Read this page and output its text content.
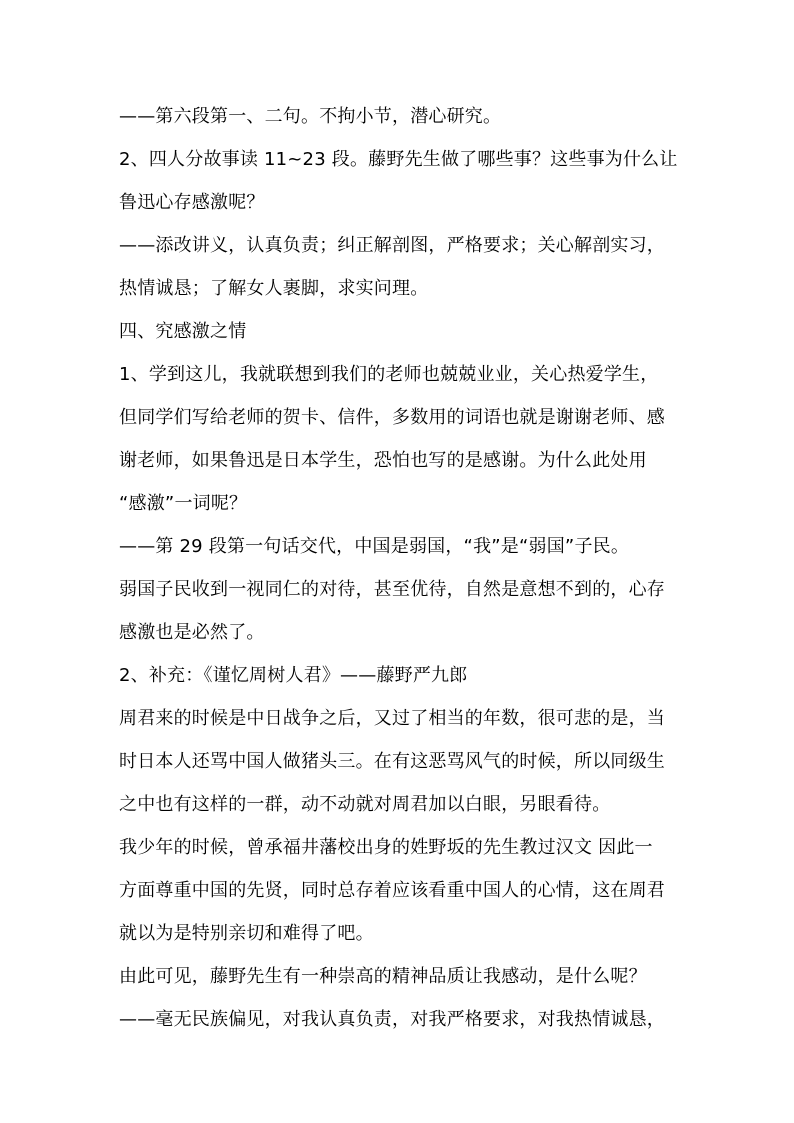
——第六段第一、二句。不拘小节，潜心研究。
2、四人分故事读 11~23 段。藤野先生做了哪些事？这些事为什么让
鲁迅心存感激呢？
——添改讲义，认真负责；纠正解剖图，严格要求；关心解剖实习，
热情诚恳；了解女人裹脚，求实问理。
四、究感激之情
1、学到这儿，我就联想到我们的老师也兢兢业业，关心热爱学生，
但同学们写给老师的贺卡、信件，多数用的词语也就是谢谢老师、感
谢老师，如果鲁迅是日本学生，恐怕也写的是感谢。为什么此处用
“感激”一词呢？
——第 29 段第一句话交代，中国是弱国，“我”是“弱国”子民。
弱国子民收到一视同仁的对待，甚至优待，自然是意想不到的，心存
感激也是必然了。
2、补充：《谨忆周树人君》——藤野严九郎
周君来的时候是中日战争之后，又过了相当的年数，很可悲的是，当
时日本人还骂中国人做猪头三。在有这恶骂风气的时候，所以同级生
之中也有这样的一群，动不动就对周君加以白眼，另眼看待。
我少年的时候，曾承福井藩校出身的姓野坂的先生教过汉文 因此一
方面尊重中国的先贤，同时总存着应该看重中国人的心情，这在周君
就以为是特别亲切和难得了吧。
由此可见，藤野先生有一种崇高的精神品质让我感动，是什么呢？
——毫无民族偏见，对我认真负责，对我严格要求，对我热情诚恳，
